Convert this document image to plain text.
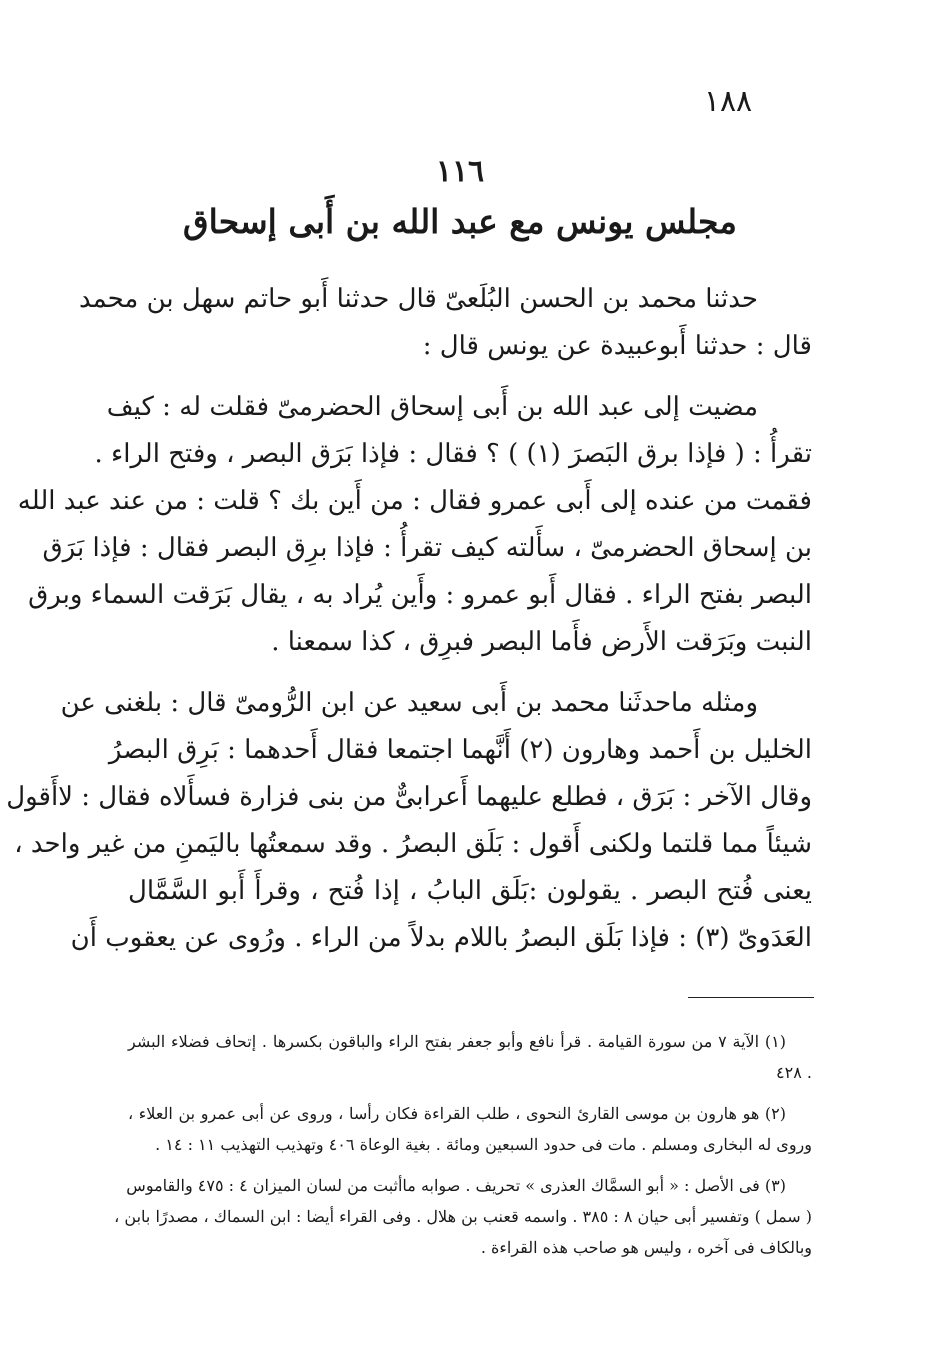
١٨٨
١١٦
مجلس يونس مع عبد الله بن أَبى إسحاق
حدثنا محمد بن الحسن البُلَعىّ قال حدثنا أَبو حاتم سهل بن محمد
قال : حدثنا أَبوعبيدة عن يونس قال :
مضيت إلى عبد الله بن أَبى إسحاق الحضرمىّ فقلت له : كيف
تقرأُ : ( فإذا برق البَصرَ (١) ) ؟ فقال : فإذا بَرَق البصر ، وفتح الراء .
فقمت من عنده إلى أَبى عمرو فقال : من أَين بك ؟ قلت : من عند عبد الله
بن إسحاق الحضرمىّ ، سأَلته كيف تقرأُ : فإذا برِق البصر فقال : فإذا بَرَق
البصر بفتح الراء . فقال أَبو عمرو : وأَين يُراد به ، يقال بَرَقت السماء وبرق
النبت وبَرَقت الأَرض فأَما البصر فبرِق ، كذا سمعنا .
ومثله ماحدثَنا محمد بن أَبى سعيد عن ابن الرُّومىّ قال : بلغنى عن
الخليل بن أَحمد وهارون (٢) أَنَّهما اجتمعا فقال أَحدهما : بَرِق البصرُ
وقال الآخر : بَرَق ، فطلع عليهما أَعرابىٌّ من بنى فزارة فسأَلاه فقال : لاأَقول
شيئاً مما قلتما ولكنى أَقول : بَلَق البصرُ . وقد سمعتُها باليَمنِ من غير واحد ،
يعنى فُتح البصر . يقولون :بَلَق البابُ ، إذا فُتح ، وقرأَ أَبو السَّمَّال
العَدَوىّ (٣) : فإذا بَلَق البصرُ باللام بدلاً من الراء . ورُوى عن يعقوب أَن
(١) الآية ٧ من سورة القيامة . قرأ نافع وأبو جعفر بفتح الراء والباقون بكسرها . إتحاف فضلاء البشر
. ٤٢٨
(٢) هو هارون بن موسى القارئ النحوى ، طلب القراءة فكان رأسا ، وروى عن أبى عمرو بن العلاء ،
وروى له البخارى ومسلم . مات فى حدود السبعين ومائة . بغية الوعاة ٤٠٦ وتهذيب التهذيب ١١ : ١٤ .
(٣) فى الأصل : « أبو السمَّاك العذرى » تحريف . صوابه ماأثبت من لسان الميزان ٤ : ٤٧٥ والقاموس
( سمل ) وتفسير أبى حيان ٨ : ٣٨٥ . واسمه قعنب بن هلال . وفى القراء أيضا : ابن السماك ، مصدرًا بابن ،
وبالكاف فى آخره ، وليس هو صاحب هذه القراءة .
